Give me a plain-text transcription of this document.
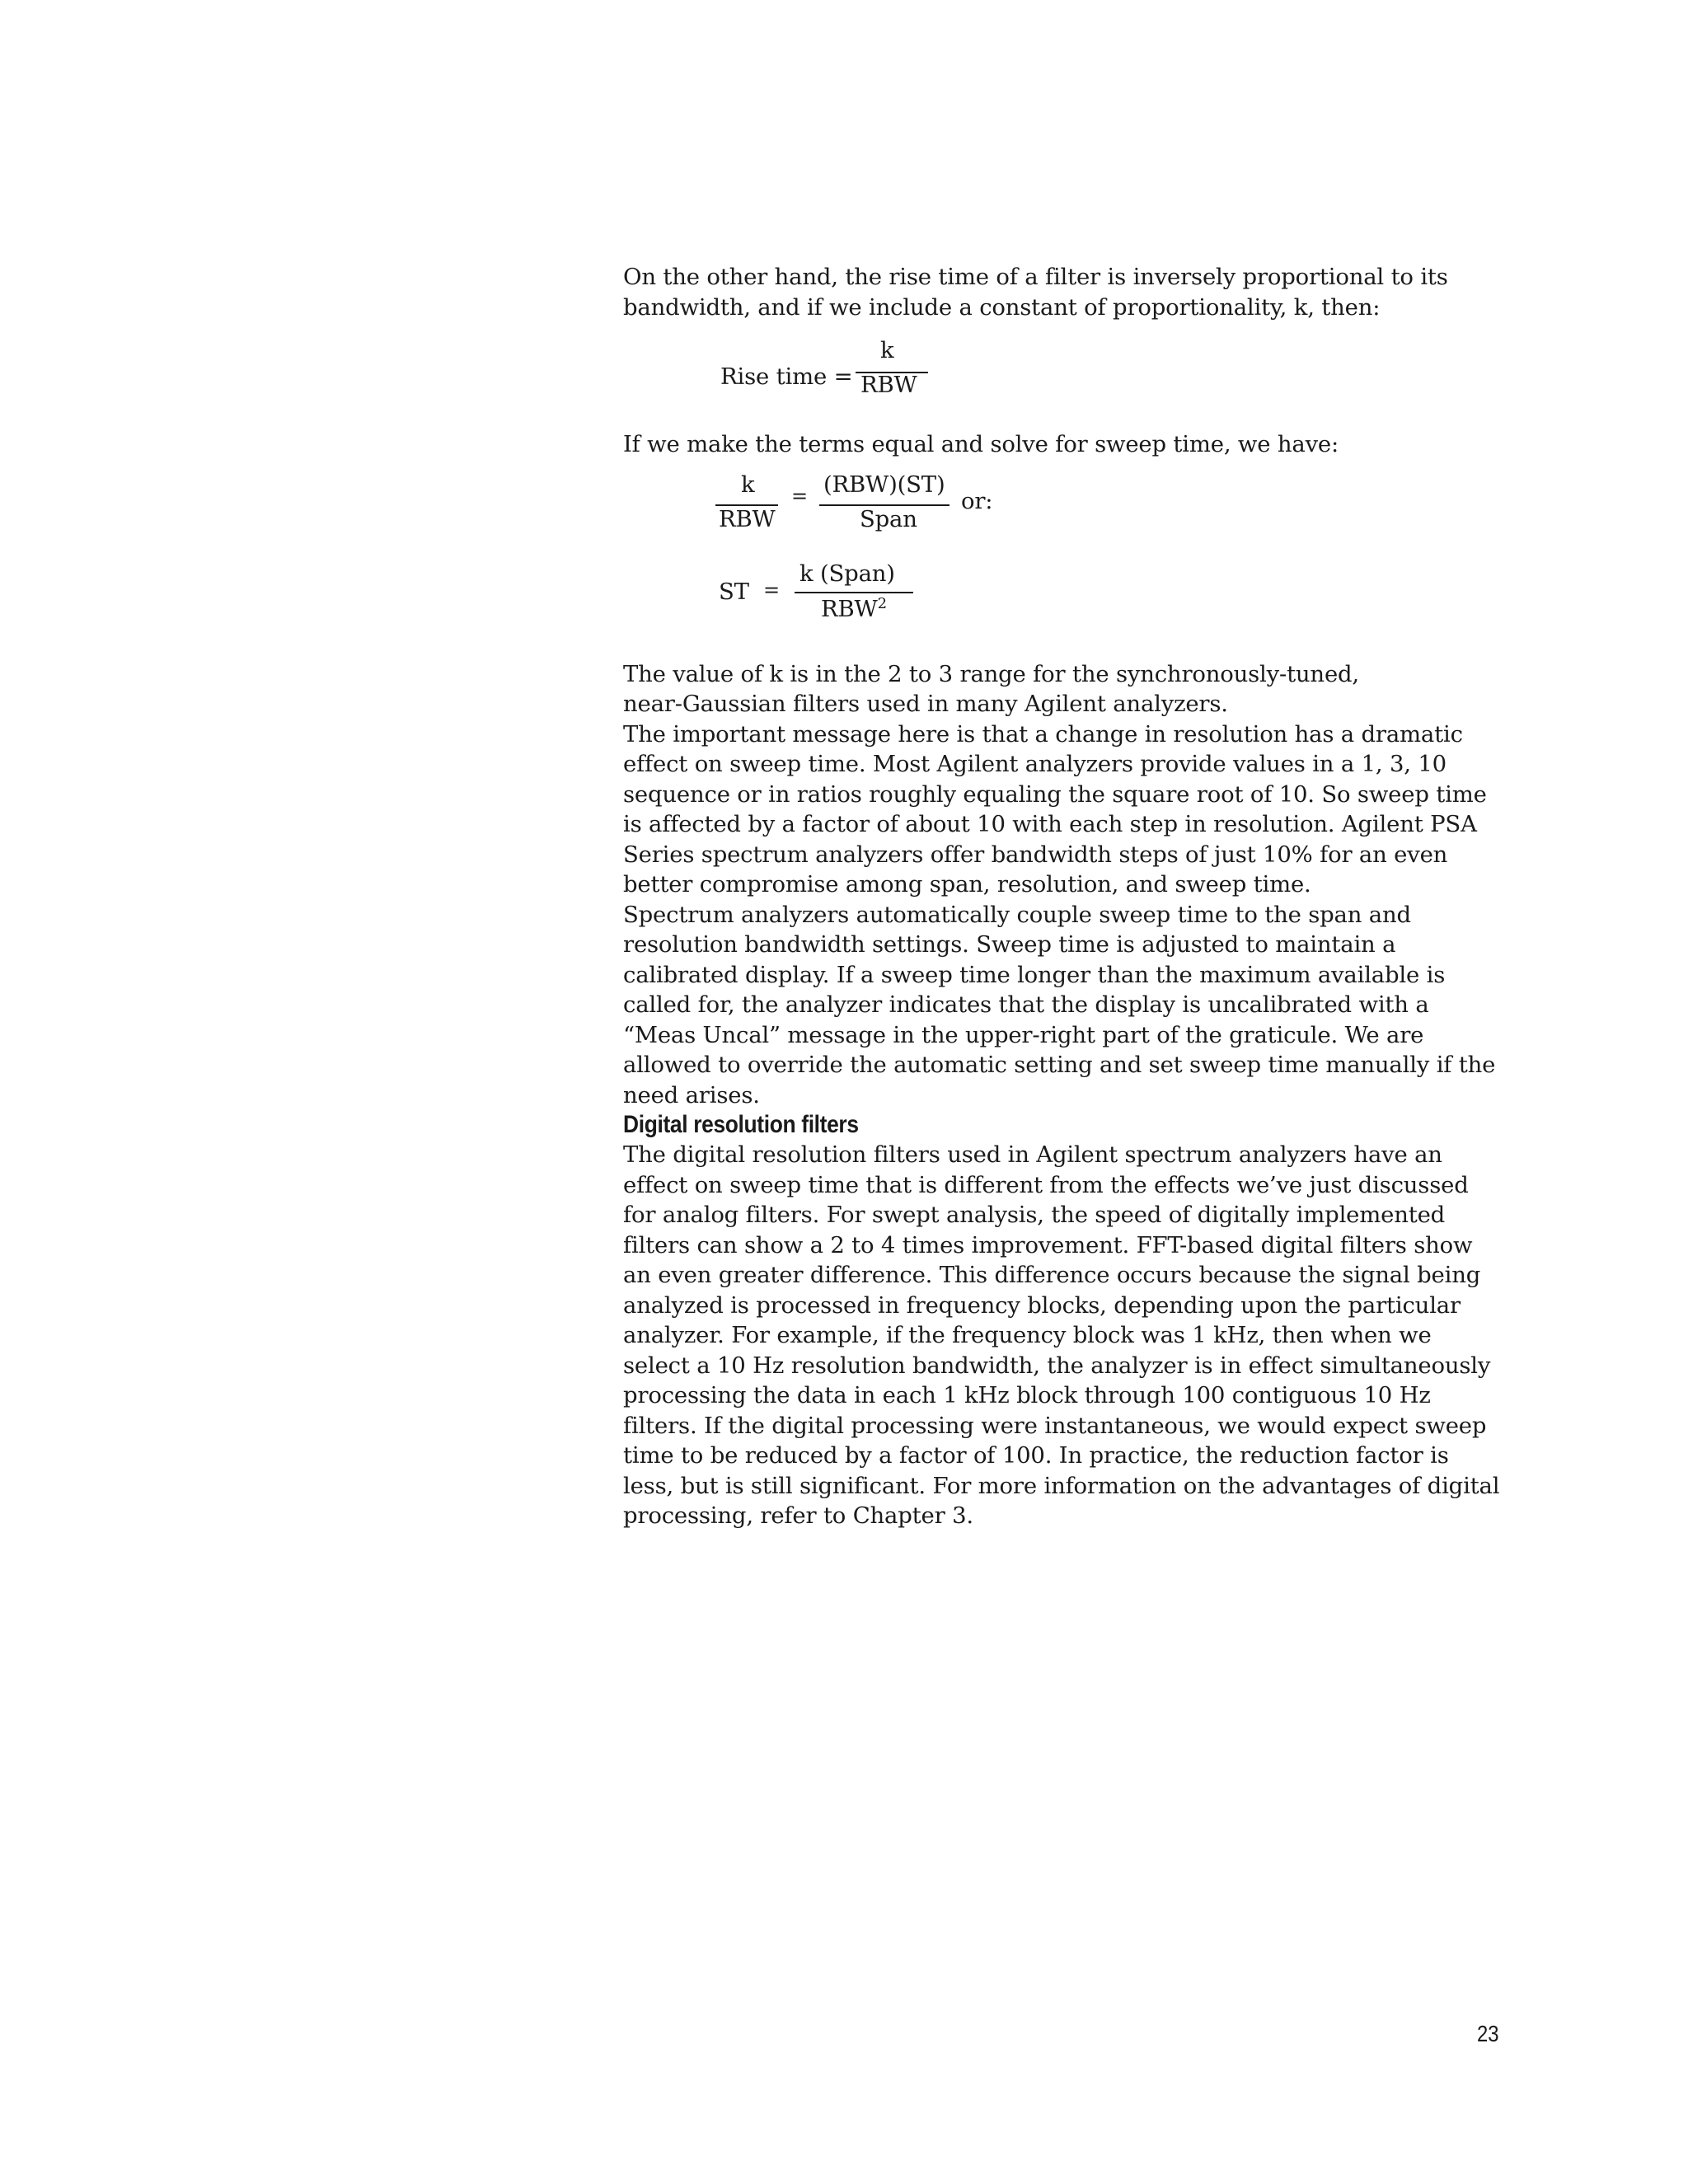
On the other hand, the rise time of a filter is inversely proportional to its bandwidth, and if we include a constant of proportionality, k, then:

Rise time =
k
RBW

If we make the terms equal and solve for sweep time, we have:

k
RBW
= (RBW)(ST)
Span
or:
ST =
k (Span)
RBW$^2$

The value of k is in the 2 to 3 range for the synchronously-tuned, near-Gaussian filters used in many Agilent analyzers.

The important message here is that a change in resolution has a dramatic effect on sweep time. Most Agilent analyzers provide values in a 1, 3, 10 sequence or in ratios roughly equaling the square root of 10. So sweep time is affected by a factor of about 10 with each step in resolution. Agilent PSA Series spectrum analyzers offer bandwidth steps of just 10% for an even better compromise among span, resolution, and sweep time.

Spectrum analyzers automatically couple sweep time to the span and resolution bandwidth settings. Sweep time is adjusted to maintain a calibrated display. If a sweep time longer than the maximum available is called for, the analyzer indicates that the display is uncalibrated with a “Meas Uncal” message in the upper-right part of the graticule. We are allowed to override the automatic setting and set sweep time manually if the need arises.

Digital resolution filters

The digital resolution filters used in Agilent spectrum analyzers have an effect on sweep time that is different from the effects we’ve just discussed for analog filters. For swept analysis, the speed of digitally implemented filters can show a 2 to 4 times improvement. FFT-based digital filters show an even greater difference. This difference occurs because the signal being analyzed is processed in frequency blocks, depending upon the particular analyzer. For example, if the frequency block was 1 kHz, then when we select a 10 Hz resolution bandwidth, the analyzer is in effect simultaneously processing the data in each 1 kHz block through 100 contiguous 10 Hz filters. If the digital processing were instantaneous, we would expect sweep time to be reduced by a factor of 100. In practice, the reduction factor is less, but is still significant. For more information on the advantages of digital processing, refer to Chapter 3.

23
